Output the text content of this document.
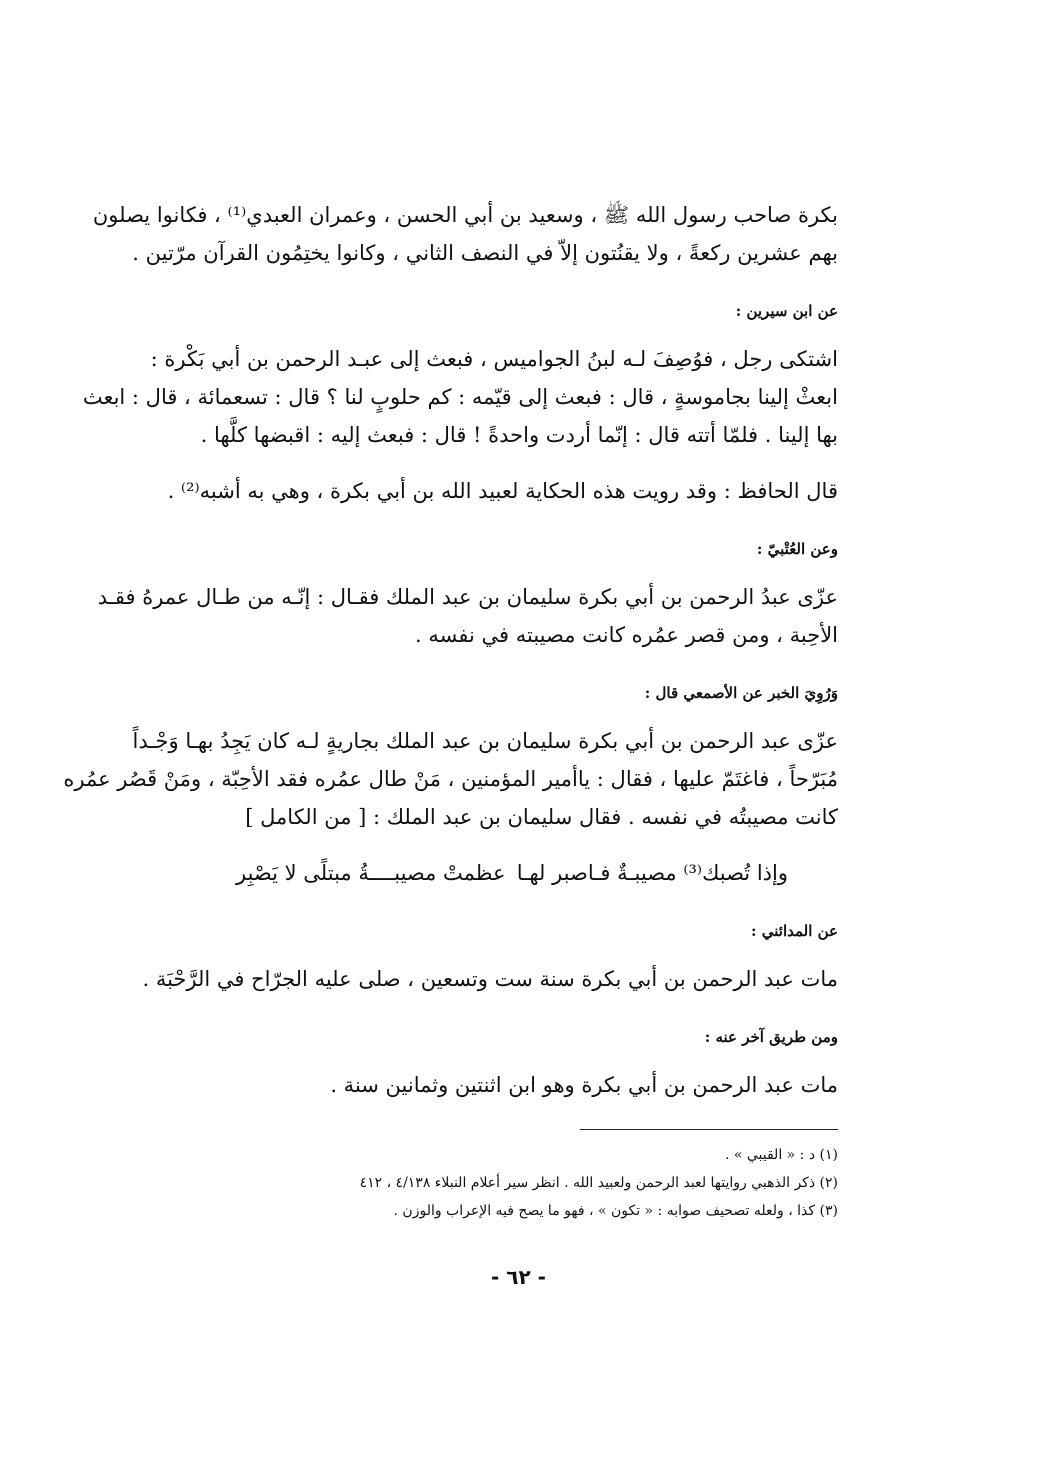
بكرة صاحب رسول الله ﷺ ، وسعيد بن أبي الحسن ، وعمران العبدي⁽¹⁾ ، فكانوا يصلون
بهم عشرين ركعةً ، ولا يقنُتون إلاّ في النصف الثاني ، وكانوا يختِمُون القرآن مرّتين .

عن ابن سيرين :

اشتكى رجل ، فوُصِفَ لـه لبنُ الجواميس ، فبعث إلى عبـد الرحمن بن أبي بَكْرة :
ابعثْ إلينا بجاموسةٍ ، قال : فبعث إلى قيّمه : كم حلوبٍ لنا ؟ قال : تسعمائة ، قال : ابعث
بها إلينا . فلمّا أتته قال : إنّما أردت واحدةً ! قال : فبعث إليه : اقبضها كلَّها .

قال الحافظ : وقد رويت هذه الحكاية لعبيد الله بن أبي بكرة ، وهي به أشبه⁽²⁾ .

وعن العُتْبيّ :

عزّى عبدُ الرحمن بن أبي بكرة سليمان بن عبد الملك فقـال : إنّـه من طـال عمرهُ فقـد
الأحِبة ، ومن قصر عمُره كانت مصيبته في نفسه .

وَرُوِيَ الخبر عن الأصمعي قال :

عزّى عبد الرحمن بن أبي بكرة سليمان بن عبد الملك بجاريةٍ لـه كان يَجِدُ بهـا وَجْـداً
مُبَرّحاً ، فاغتَمّ عليها ، فقال : ياأمير المؤمنين ، مَنْ طال عمُره فقد الأحِبّة ، ومَنْ قَصُر عمُره
كانت مصيبتُه في نفسه . فقال سليمان بن عبد الملك : [ من الكامل ]

وإذا تُصبك⁽³⁾ مصيبـةٌ فـاصبر لهـا
عظمتْ مصيبــــةُ مبتلًى لا يَصْبِر

عن المدائني :

مات عبد الرحمن بن أبي بكرة سنة ست وتسعين ، صلى عليه الجرّاح في الرَّحْبَة .

ومن طريق آخر عنه :

مات عبد الرحمن بن أبي بكرة وهو ابن اثنتين وثمانين سنة .

(١) د : « القيبي » .
(٢) ذكر الذهبي روايتها لعبد الرحمن ولعبيد الله . انظر سير أعلام النبلاء ٤/١٣٨ ، ٤١٢
(٣) كذا ، ولعله تصحيف صوابه : « تكون » ، فهو ما يصح فيه الإعراب والوزن .
- ٦٢ -
